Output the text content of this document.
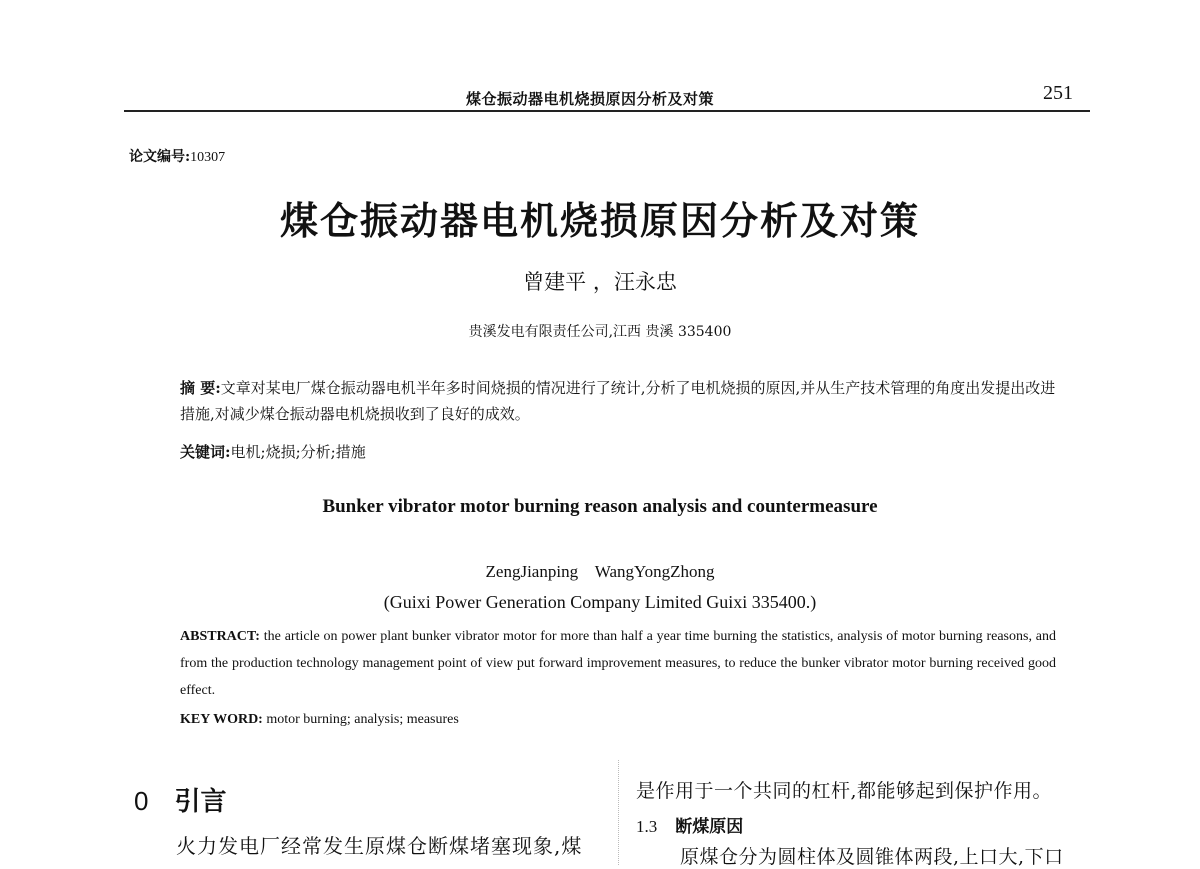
煤仓振动器电机烧损原因分析及对策	251
论文编号:10307
煤仓振动器电机烧损原因分析及对策
曾建平 ，汪永忠
贵溪发电有限责任公司,江西 贵溪 335400
摘 要:文章对某电厂煤仓振动器电机半年多时间烧损的情况进行了统计,分析了电机烧损的原因,并从生产技术管理的角度出发提出改进措施,对减少煤仓振动器电机烧损收到了良好的成效。
关键词:电机;烧损;分析;措施
Bunker vibrator motor burning reason analysis and countermeasure
ZengJianping    WangYongZhong
(Guixi Power Generation Company Limited Guixi 335400.)
ABSTRACT: the article on power plant bunker vibrator motor for more than half a year time burning the statistics, analysis of motor burning reasons, and from the production technology management point of view put forward improvement measures, to reduce the bunker vibrator motor burning received good effect.
KEY WORD: motor burning; analysis; measures
0 引言
火力发电厂经常发生原煤仓断煤堵塞现象,煤
是作用于一个共同的杠杆,都能够起到保护作用。
1.3 断煤原因
原煤仓分为圆柱体及圆锥体两段,上口大,下口
